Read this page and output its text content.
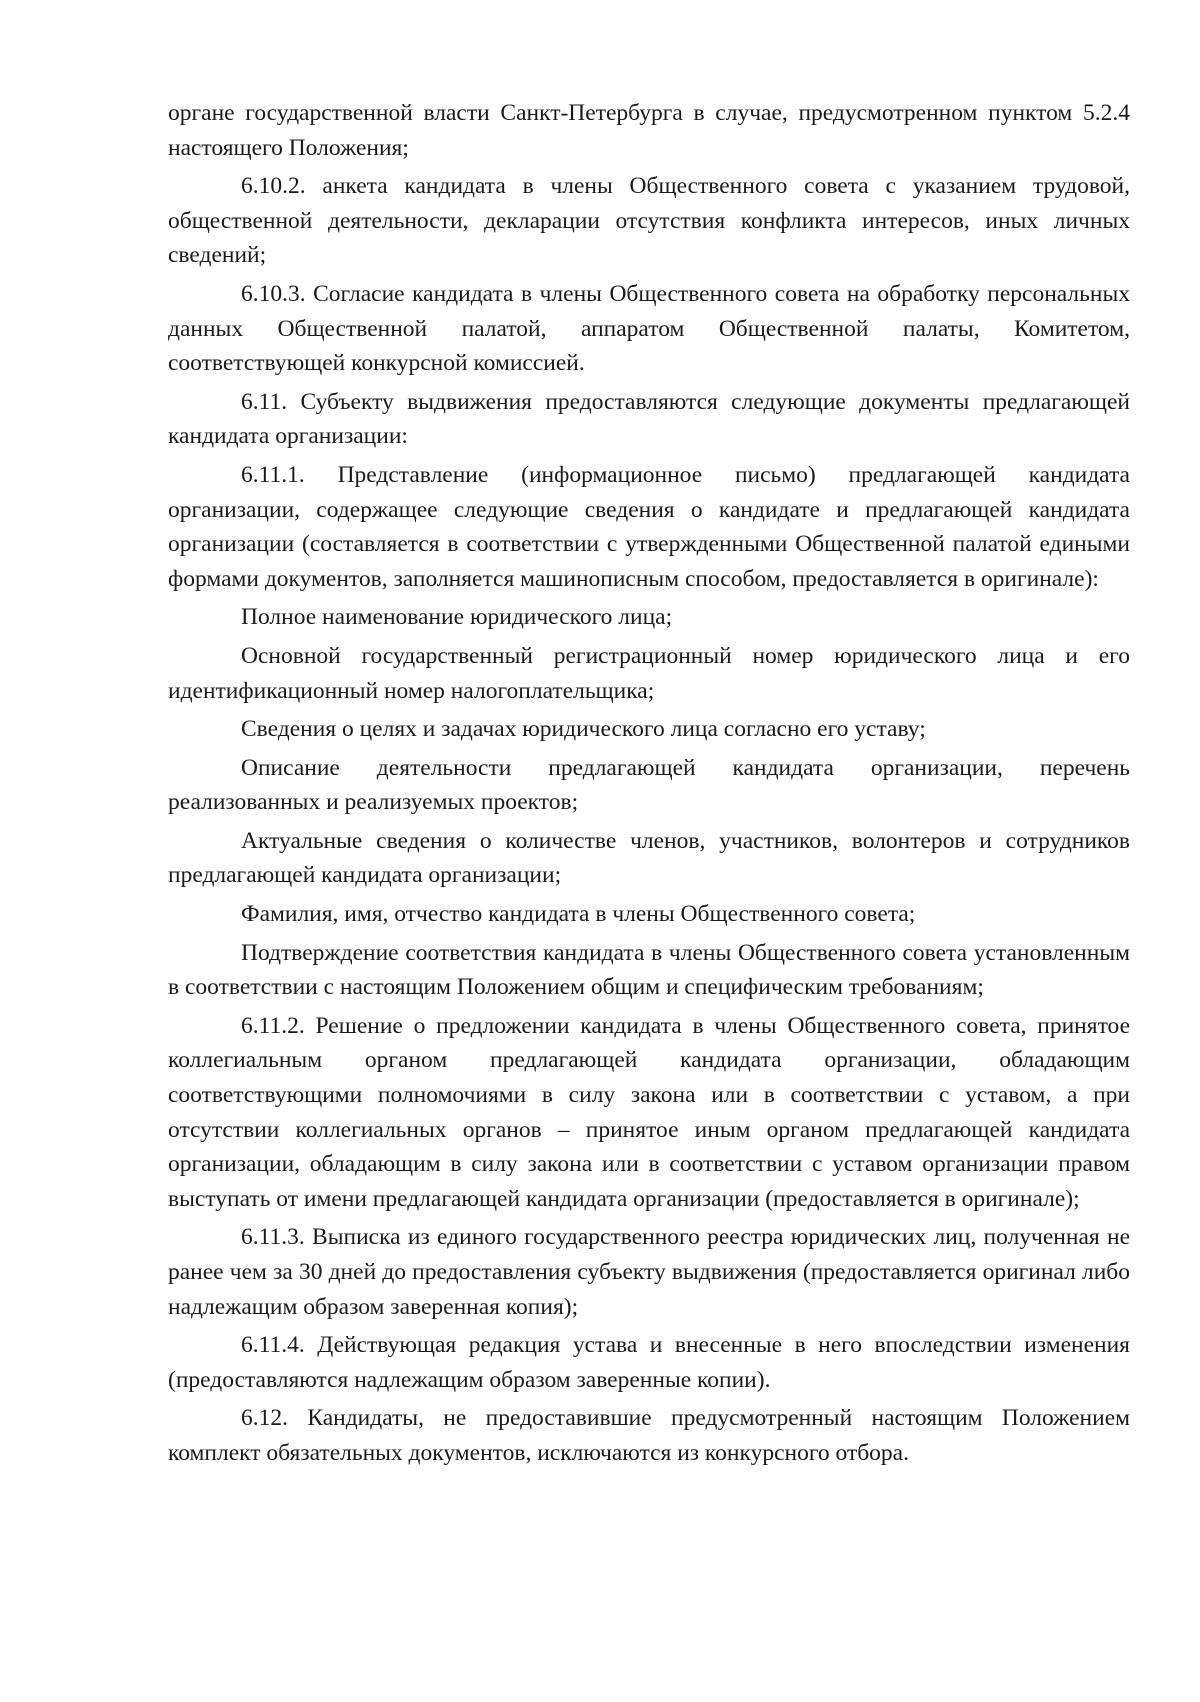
органе государственной власти Санкт-Петербурга в случае, предусмотренном пунктом 5.2.4 настоящего Положения;

6.10.2. анкета кандидата в члены Общественного совета с указанием трудовой, общественной деятельности, декларации отсутствия конфликта интересов, иных личных сведений;

6.10.3. Согласие кандидата в члены Общественного совета на обработку персональных данных Общественной палатой, аппаратом Общественной палаты, Комитетом, соответствующей конкурсной комиссией.

6.11. Субъекту выдвижения предоставляются следующие документы предлагающей кандидата организации:

6.11.1. Представление (информационное письмо) предлагающей кандидата организации, содержащее следующие сведения о кандидате и предлагающей кандидата организации (составляется в соответствии с утвержденными Общественной палатой едиными формами документов, заполняется машинописным способом, предоставляется в оригинале):

Полное наименование юридического лица;

Основной государственный регистрационный номер юридического лица и его идентификационный номер налогоплательщика;

Сведения о целях и задачах юридического лица согласно его уставу;

Описание деятельности предлагающей кандидата организации, перечень реализованных и реализуемых проектов;

Актуальные сведения о количестве членов, участников, волонтеров и сотрудников предлагающей кандидата организации;

Фамилия, имя, отчество кандидата в члены Общественного совета;

Подтверждение соответствия кандидата в члены Общественного совета установленным в соответствии с настоящим Положением общим и специфическим требованиям;

6.11.2. Решение о предложении кандидата в члены Общественного совета, принятое коллегиальным органом предлагающей кандидата организации, обладающим соответствующими полномочиями в силу закона или в соответствии с уставом, а при отсутствии коллегиальных органов – принятое иным органом предлагающей кандидата организации, обладающим в силу закона или в соответствии с уставом организации правом выступать от имени предлагающей кандидата организации (предоставляется в оригинале);

6.11.3. Выписка из единого государственного реестра юридических лиц, полученная не ранее чем за 30 дней до предоставления субъекту выдвижения (предоставляется оригинал либо надлежащим образом заверенная копия);

6.11.4. Действующая редакция устава и внесенные в него впоследствии изменения (предоставляются надлежащим образом заверенные копии).

6.12. Кандидаты, не предоставившие предусмотренный настоящим Положением комплект обязательных документов, исключаются из конкурсного отбора.
